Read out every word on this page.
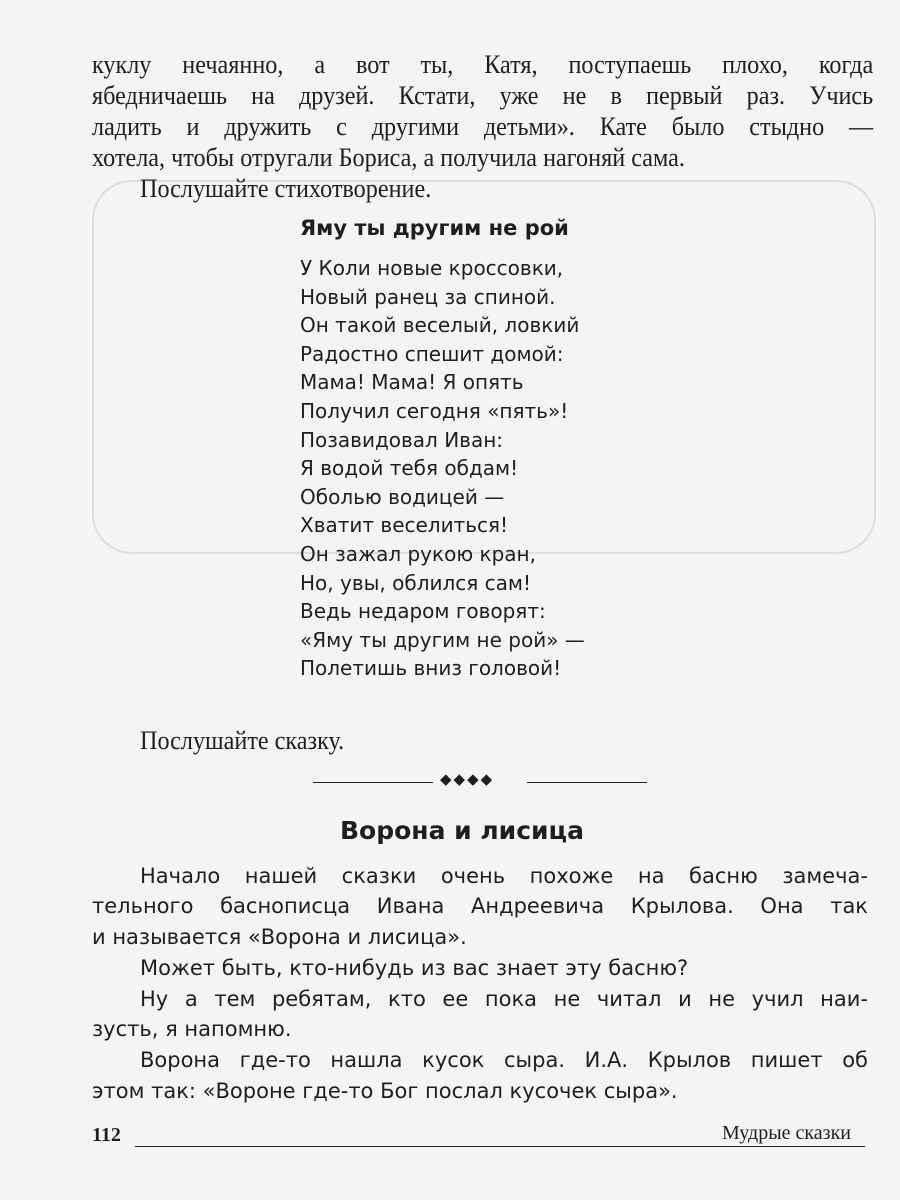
куклу нечаянно, а вот ты, Катя, поступаешь плохо, когда
ябедничаешь на друзей. Кстати, уже не в первый раз. Учись
ладить и дружить с другими детьми». Кате было стыдно —
хотела, чтобы отругали Бориса, а получила нагоняй сама.
Послушайте стихотворение.
Яму ты другим не рой
У Коли новые кроссовки,
Новый ранец за спиной.
Он такой веселый, ловкий
Радостно спешит домой:
Мама! Мама! Я опять
Получил сегодня «пять»!
Позавидовал Иван:
Я водой тебя обдам!
Оболью водицей —
Хватит веселиться!
Он зажал рукою кран,
Но, увы, облился сам!
Ведь недаром говорят:
«Яму ты другим не рой» —
Полетишь вниз головой!
Послушайте сказку.
◆◆◆◆
Ворона и лисица
Начало нашей сказки очень похоже на басню замеча-
тельного баснописца Ивана Андреевича Крылова. Она так
и называется «Ворона и лисица».
Может быть, кто-нибудь из вас знает эту басню?
Ну а тем ребятам, кто ее пока не читал и не учил наи-
зусть, я напомню.
Ворона где-то нашла кусок сыра. И.А. Крылов пишет об
этом так: «Вороне где-то Бог послал кусочек сыра».
112	Мудрые сказки
